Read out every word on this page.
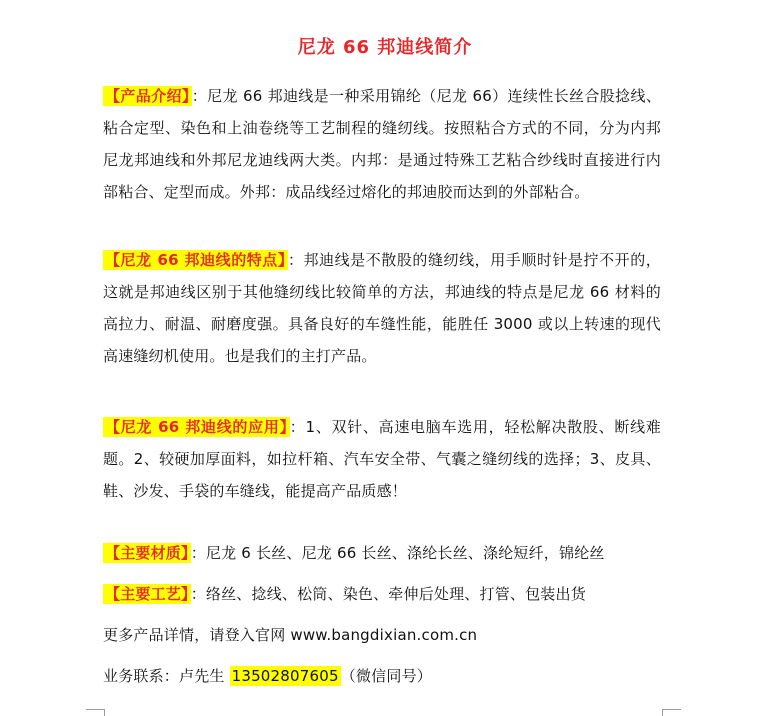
尼龙 66 邦迪线简介
【产品介绍】 ：尼龙 66 邦迪线是一种采用锦纶（尼龙 66）连续性长丝合股捻线、粘合定型、染色和上油卷绕等工艺制程的缝纫线。按照粘合方式的不同，分为内邦尼龙邦迪线和外邦尼龙迪线两大类。内邦：是通过特殊工艺粘合纱线时直接进行内部粘合、定型而成。外邦：成品线经过熔化的邦迪胶而达到的外部粘合。
【尼龙 66 邦迪线的特点】 ：邦迪线是不散股的缝纫线，用手顺时针是拧不开的，这就是邦迪线区别于其他缝纫线比较简单的方法，邦迪线的特点是尼龙 66 材料的高拉力、耐温、耐磨度强。具备良好的车缝性能，能胜任 3000 或以上转速的现代高速缝纫机使用。也是我们的主打产品。
【尼龙 66 邦迪线的应用】 ：1、双针、高速电脑车选用，轻松解决散股、断线难题。2、较硬加厚面料，如拉杆箱、汽车安全带、气囊之缝纫线的选择；3、皮具、鞋、沙发、手袋的车缝线，能提高产品质感！
【主要材质】 ：尼龙 6 长丝、尼龙 66 长丝、涤纶长丝、涤纶短纤，锦纶丝
【主要工艺】 ：络丝、捻线、松筒、染色、牵伸后处理、打管、包装出货
更多产品详情，请登入官网 www.bangdixian.com.cn
业务联系：卢先生 13502807605 （微信同号）
